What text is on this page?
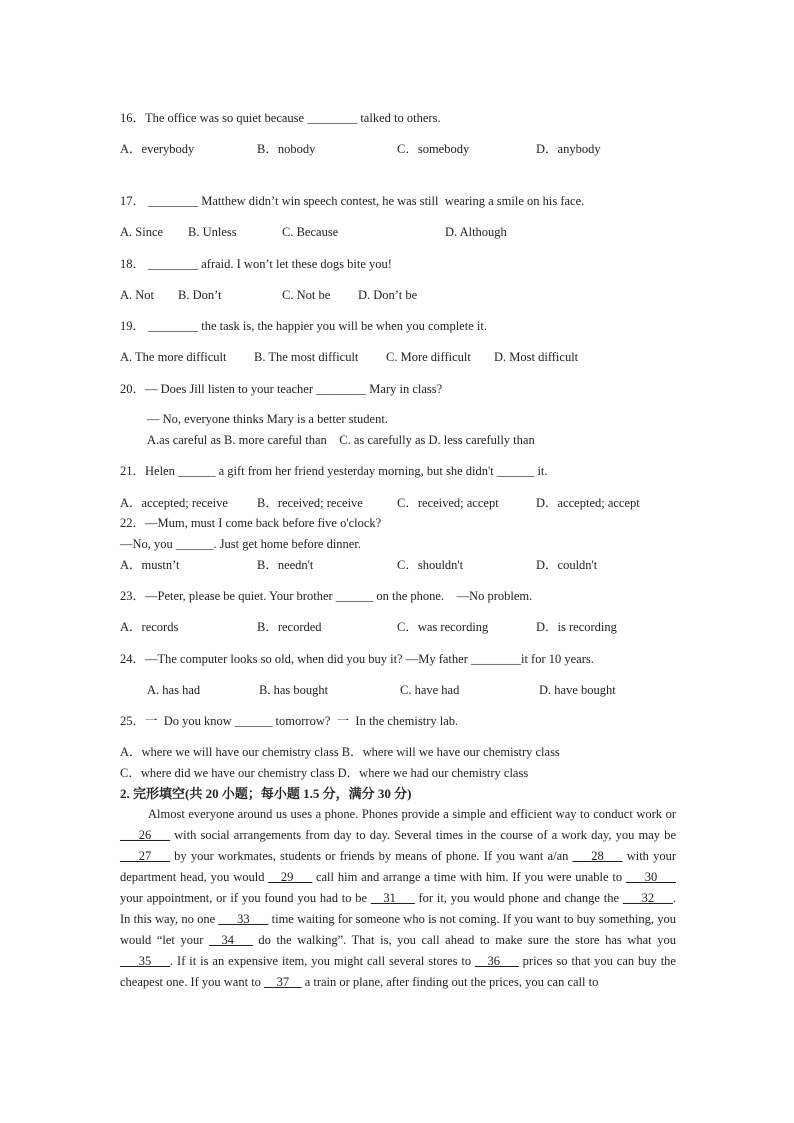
16．The office was so quiet because ________ talked to others.
A．everybody	B．nobody	C．somebody	D．anybody
17． ________ Matthew didn’t win speech contest, he was still  wearing a smile on his face.
A. Since B. Unless	C. Because	D. Although
18． ________ afraid. I won’t let these dogs bite you!
A. Not B. Don’t	C. Not be D. Don’t be
19． ________ the task is, the happier you will be when you complete it.
A. The more difficult B. The most difficult C. More difficult D. Most difficult
20．— Does Jill listen to your teacher ________ Mary in class?
— No, everyone thinks Mary is a better student.
A.as careful as B. more careful than    C. as carefully as D. less carefully than
21．Helen ______ a gift from her friend yesterday morning, but she didn't ______ it.
A．accepted; receive B．received; receive	C．received; accept	D．accepted; accept
22．—Mum, must I come back before five o'clock?
—No, you ______. Just get home before dinner.
A．mustn’t	B．needn't	C．shouldn't	D．couldn't
23．—Peter, please be quiet. Your brother ______ on the phone.    —No problem.
A．records	B．recorded	C．was recording	D．is recording
24．—The computer looks so old, when did you buy it? —My father ________it for 10 years.
A. has had	B. has bought	C. have had	D. have bought
25．一  Do you know ______ tomorrow?  一  In the chemistry lab.
A．where we will have our chemistry class B．where will we have our chemistry class
C．where did we have our chemistry class D．where we had our chemistry class
2. 完形填空(共 20 小题；每小题 1.5 分，满分 30 分)

Almost everyone around us uses a phone. Phones provide a simple and efficient way to conduct work or ___26___ with social arrangements from day to day. Several times in the course of a work day, you may be ___27___ by your workmates, students or friends by means of phone. If you want a/an ___28___ with your department head, you would __29___ call him and arrange a time with him. If you were unable to ___30___ your appointment, or if you found you had to be __31___ for it, you would phone and change the ___32___. In this way, no one ___33___ time waiting for someone who is not coming. If you want to buy something, you would “let your __34___ do the walking”. That is, you call ahead to make sure the store has what you ___35___. If it is an expensive item, you might call several stores to __36___ prices so that you can buy the cheapest one. If you want to __37__ a train or plane, after finding out the prices, you can call to
